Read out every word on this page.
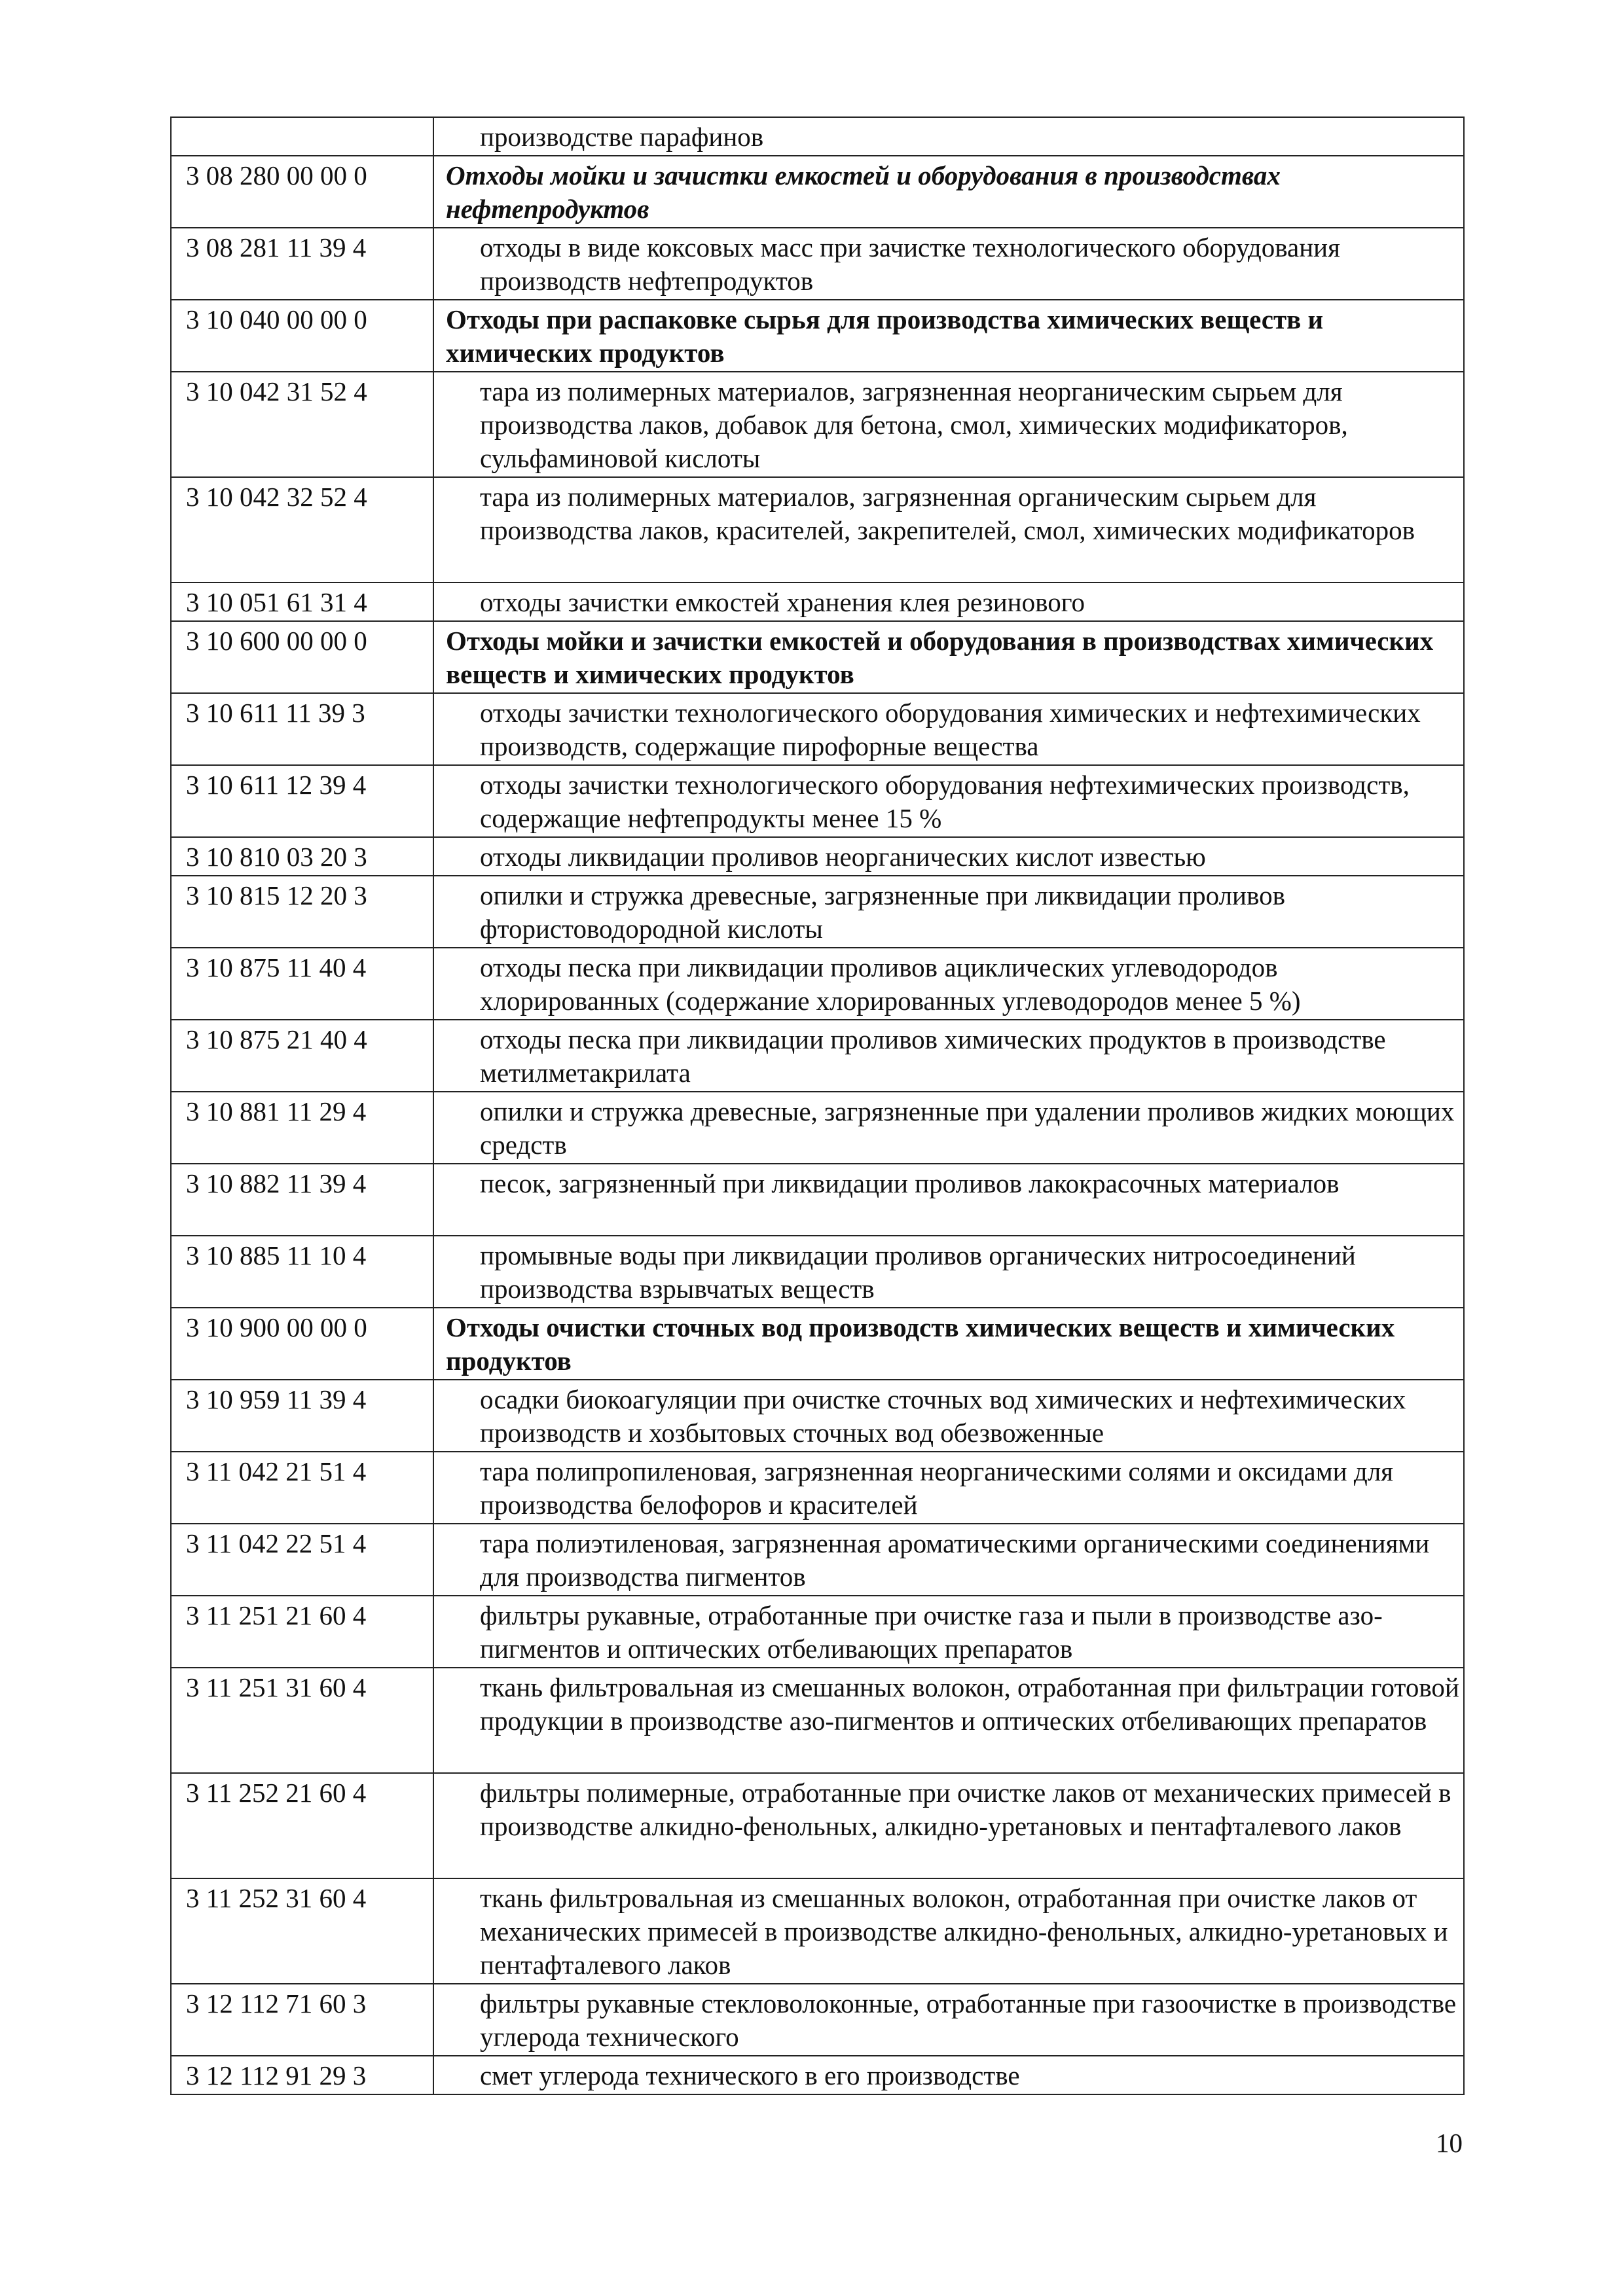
	производстве парафинов
3 08 280 00 00 0	Отходы мойки и зачистки емкостей и оборудования в производствах нефтепродуктов
3 08 281 11 39 4	отходы в виде коксовых масс при зачистке технологического оборудования производств нефтепродуктов
3 10 040 00 00 0	Отходы при распаковке сырья для производства химических веществ и химических продуктов
3 10 042 31 52 4	тара из полимерных материалов, загрязненная неорганическим сырьем для производства лаков, добавок для бетона, смол, химических модификаторов, сульфаминовой кислоты
3 10 042 32 52 4	тара из полимерных материалов, загрязненная органическим сырьем для производства лаков, красителей, закрепителей, смол, химических модификаторов
3 10 051 61 31 4	отходы зачистки емкостей хранения клея резинового
3 10 600 00 00 0	Отходы мойки и зачистки емкостей и оборудования в производствах химических веществ и химических продуктов
3 10 611 11 39 3	отходы зачистки технологического оборудования химических и нефтехимических производств, содержащие пирофорные вещества
3 10 611 12 39 4	отходы зачистки технологического оборудования нефтехимических производств, содержащие нефтепродукты менее 15 %
3 10 810 03 20 3	отходы ликвидации проливов неорганических кислот известью
3 10 815 12 20 3	опилки и стружка древесные, загрязненные при ликвидации проливов фтористоводородной кислоты
3 10 875 11 40 4	отходы песка при ликвидации проливов ациклических углеводородов хлорированных (содержание хлорированных углеводородов менее 5 %)
3 10 875 21 40 4	отходы песка при ликвидации проливов химических продуктов в производстве метилметакрилата
3 10 881 11 29 4	опилки и стружка древесные, загрязненные при удалении проливов жидких моющих средств
3 10 882 11 39 4	песок, загрязненный при ликвидации проливов лакокрасочных материалов
3 10 885 11 10 4	промывные воды при ликвидации проливов органических нитросоединений производства взрывчатых веществ
3 10 900 00 00 0	Отходы очистки сточных вод производств химических веществ и химических продуктов
3 10 959 11 39 4	осадки биокоагуляции при очистке сточных вод химических и нефтехимических производств и хозбытовых сточных вод обезвоженные
3 11 042 21 51 4	тара полипропиленовая, загрязненная неорганическими солями и оксидами для производства белофоров и красителей
3 11 042 22 51 4	тара полиэтиленовая, загрязненная ароматическими органическими соединениями для производства пигментов
3 11 251 21 60 4	фильтры рукавные, отработанные при очистке газа и пыли в производстве азо-пигментов и оптических отбеливающих препаратов
3 11 251 31 60 4	ткань фильтровальная из смешанных волокон, отработанная при фильтрации готовой продукции в производстве азо-пигментов и оптических отбеливающих препаратов
3 11 252 21 60 4	фильтры полимерные, отработанные при очистке лаков от механических примесей в производстве алкидно-фенольных, алкидно-уретановых и пентафталевого лаков
3 11 252 31 60 4	ткань фильтровальная из смешанных волокон, отработанная при очистке лаков от механических примесей в производстве алкидно-фенольных, алкидно-уретановых и пентафталевого лаков
3 12 112 71 60 3	фильтры рукавные стекловолоконные, отработанные при газоочистке в производстве углерода технического
3 12 112 91 29 3	смет углерода технического в его производстве
10
